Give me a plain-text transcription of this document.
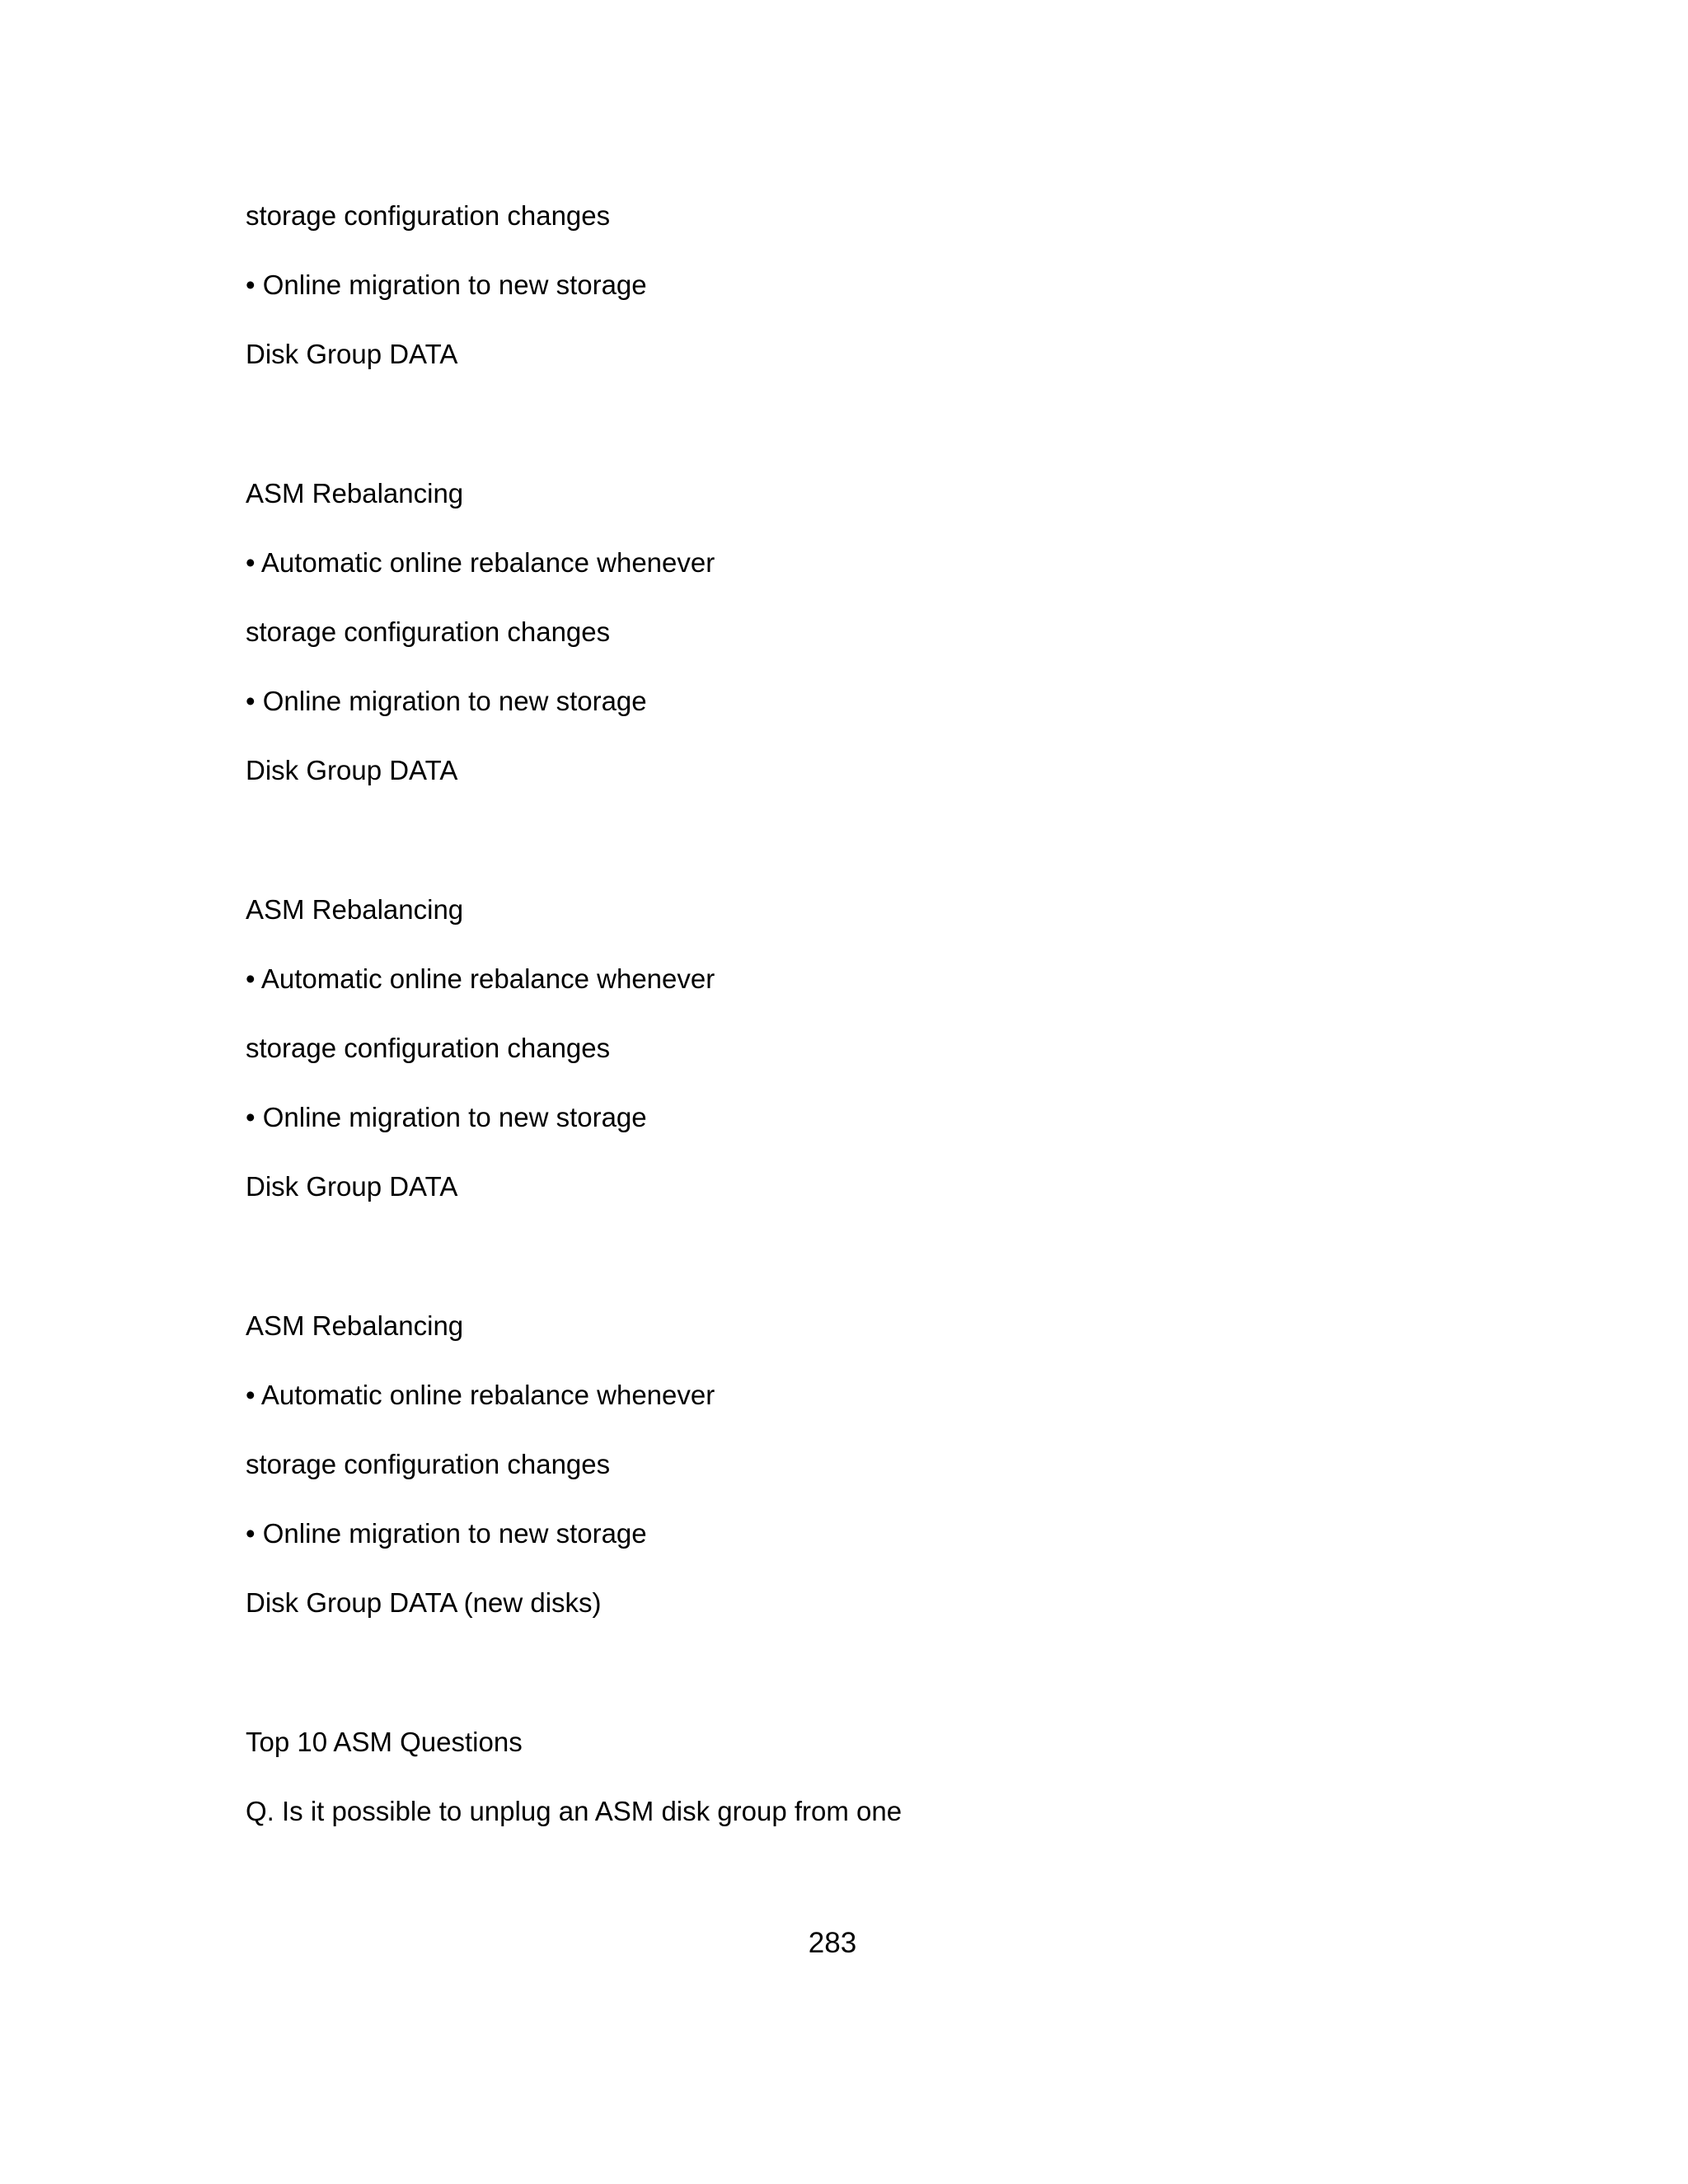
storage configuration changes
• Online migration to new storage
Disk Group DATA
ASM Rebalancing
• Automatic online rebalance whenever
storage configuration changes
• Online migration to new storage
Disk Group DATA
ASM Rebalancing
• Automatic online rebalance whenever
storage configuration changes
• Online migration to new storage
Disk Group DATA
ASM Rebalancing
• Automatic online rebalance whenever
storage configuration changes
• Online migration to new storage
Disk Group DATA (new disks)
Top 10 ASM Questions
Q. Is it possible to unplug an ASM disk group from one
283
